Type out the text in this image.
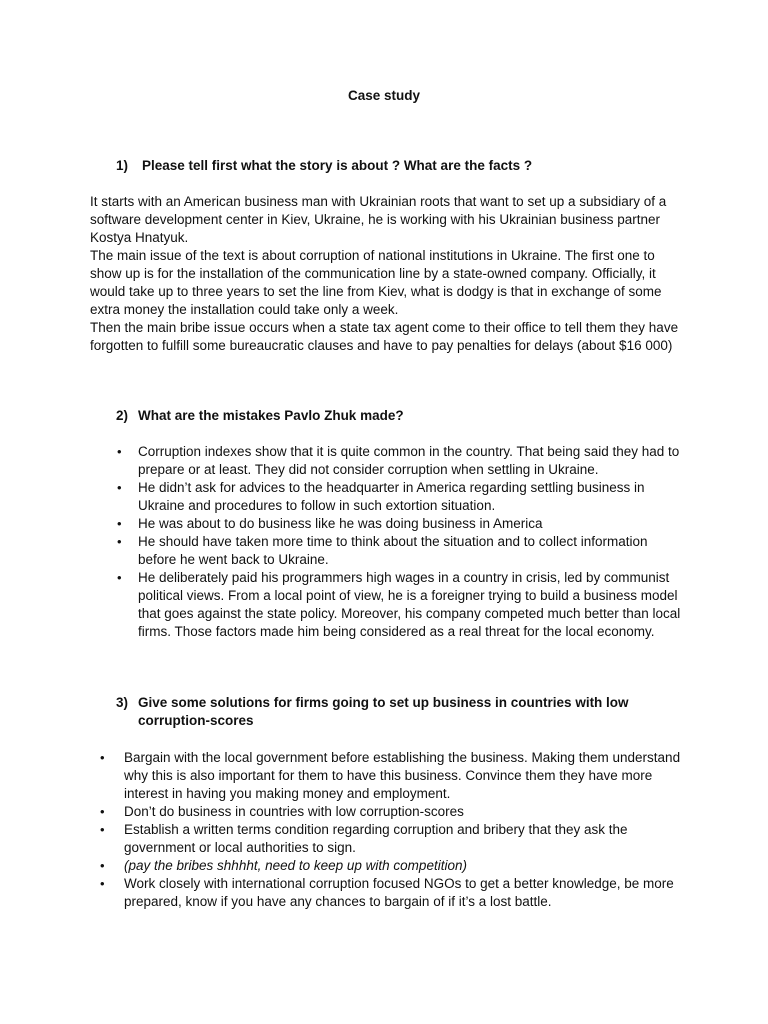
Case study
1) Please tell first what the story is about ? What are the facts ?

It starts with an American business man with Ukrainian roots that want to set up a subsidiary of a software development center in Kiev, Ukraine, he is working with his Ukrainian business partner Kostya Hnatyuk.

The main issue of the text is about corruption of national institutions in Ukraine. The first one to show up is for the installation of the communication line by a state-owned company. Officially, it would take up to three years to set the line from Kiev, what is dodgy is that in exchange of some extra money the installation could take only a week.

Then the main bribe issue occurs when a state tax agent come to their office to tell them they have forgotten to fulfill some bureaucratic clauses and have to pay penalties for delays (about $16 000)

2) What are the mistakes Pavlo Zhuk made?
• Corruption indexes show that it is quite common in the country. That being said they had to prepare or at least. They did not consider corruption when settling in Ukraine.
• He didn’t ask for advices to the headquarter in America regarding settling business in Ukraine and procedures to follow in such extortion situation.
• He was about to do business like he was doing business in America
• He should have taken more time to think about the situation and to collect information before he went back to Ukraine.
• He deliberately paid his programmers high wages in a country in crisis, led by communist political views. From a local point of view, he is a foreigner trying to build a business model that goes against the state policy. Moreover, his company competed much better than local firms. Those factors made him being considered as a real threat for the local economy.
3) Give some solutions for firms going to set up business in countries with low corruption-scores
• Bargain with the local government before establishing the business. Making them understand why this is also important for them to have this business. Convince them they have more interest in having you making money and employment.
• Don’t do business in countries with low corruption-scores
• Establish a written terms condition regarding corruption and bribery that they ask the government or local authorities to sign.
• (pay the bribes shhhht, need to keep up with competition)
• Work closely with international corruption focused NGOs to get a better knowledge, be more prepared, know if you have any chances to bargain of if it’s a lost battle.
